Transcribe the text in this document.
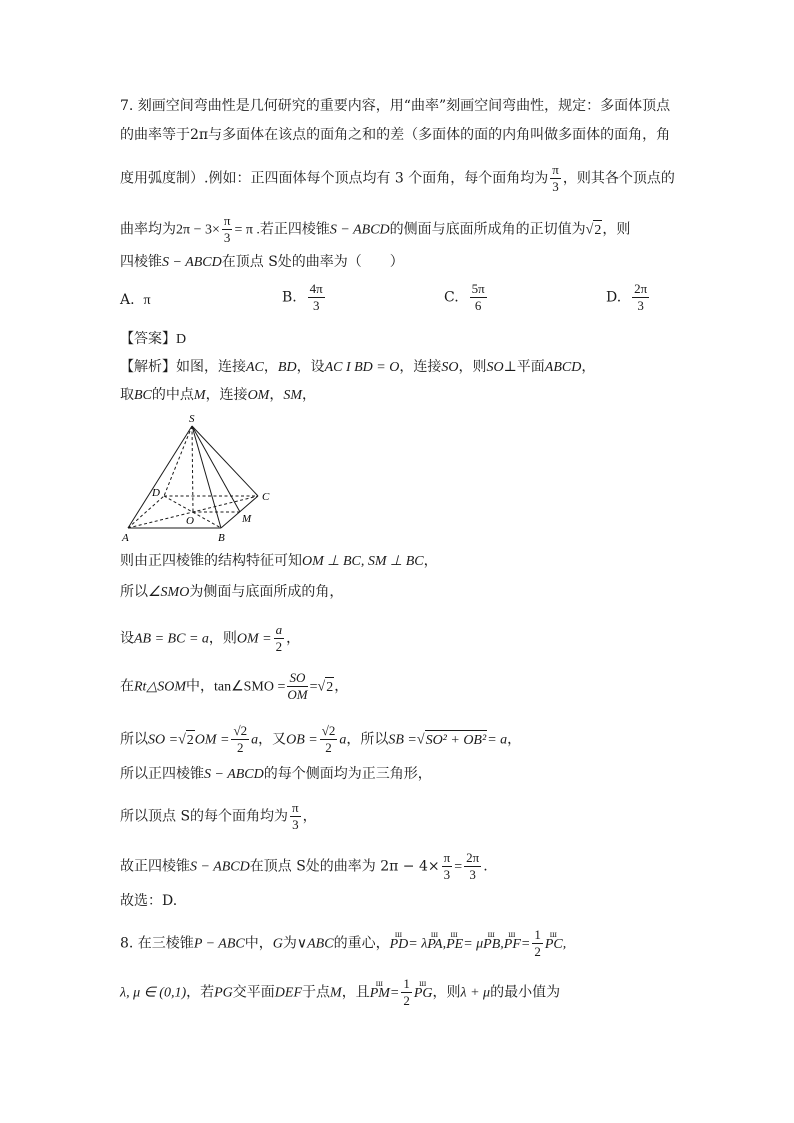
7. 刻画空间弯曲性是几何研究的重要内容，用“曲率”刻画空间弯曲性，规定：多面体顶点
的曲率等于2π与多面体在该点的面角之和的差（多面体的面的内角叫做多面体的面角，角
度用弧度制）.例如：正四面体每个顶点均有 3 个面角，每个面角均为 $\frac{\pi}{3}$ ，则其各个顶点的
曲率均为$2\pi - 3\times \frac{\pi}{3} = \pi$ .若正四棱锥S − ABCD的侧面与底面所成角的正切值为√2，则
四棱锥S − ABCD在顶点 S处的曲率为（　　）
A. π	B. $\frac{4\pi}{3}$	C. $\frac{5\pi}{6}$	D. $\frac{2\pi}{3}$
【答案】D
【解析】如图，连接AC，BD，设AC I BD = O，连接SO，则SO⊥平面ABCD，
取BC的中点M，连接OM，SM，
S
D	C
O	M
A	B
则由正四棱锥的结构特征可知OM ⊥ BC, SM ⊥ BC，
所以∠SMO为侧面与底面所成的角，
设AB = BC = a，则OM = $\frac{a}{2}$ ，
在Rt△SOM中，tan∠SMO = $\frac{SO}{OM} =√2$，
所以SO $=√2OM = \frac{√2}{2}$ a，又OB = $\frac{√2}{2}$ a，所以SB =√SO² + OB²= a，
所以正四棱锥S − ABCD的每个侧面均为正三角形，
所以顶点 S的每个面角均为 $\frac{\pi}{3}$ ，
故正四棱锥S − ABCD在顶点 S处的曲率为 $2\pi - 4\times \frac{\pi}{3} = \frac{2\pi}{3}$ .
故选：D.
8. 在三棱锥P − ABC中，G为∨ABC的重心，ш PD= λш PA,ш PE= μш PB,ш $PF= \frac{1}{2}$ ш PC,
λ, μ ∈ (0,1)，若PG交平面DEF于点M，且ш $PM= \frac{1}{2}$ ш PG，则λ + μ的最小值为
